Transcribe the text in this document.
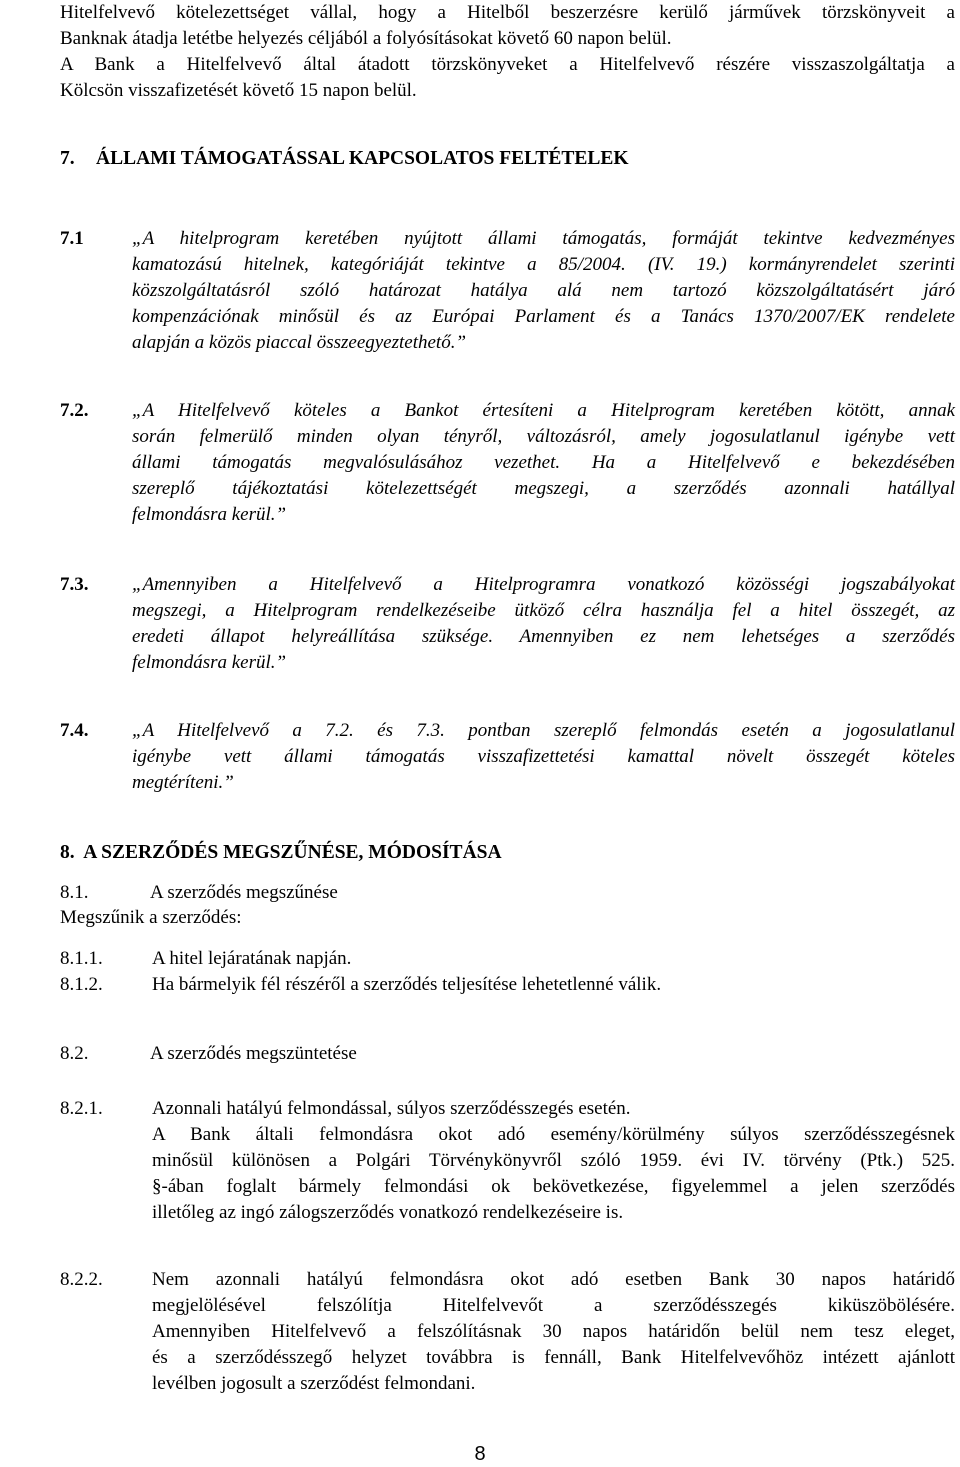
Hitelfelvevő kötelezettséget vállal, hogy a Hitelből beszerzésre kerülő járművek törzskönyveit a
Banknak átadja letétbe helyezés céljából a folyósításokat követő 60 napon belül.
A Bank a Hitelfelvevő által átadott törzskönyveket a Hitelfelvevő részére visszaszolgáltatja a
Kölcsön visszafizetését követő 15 napon belül.
7. ÁLLAMI TÁMOGATÁSSAL KAPCSOLATOS FELTÉTELEK
7.1	„A hitelprogram keretében nyújtott állami támogatás, formáját tekintve kedvezményes
kamatozású hitelnek, kategóriáját tekintve a 85/2004. (IV. 19.) kormányrendelet szerinti
közszolgáltatásról szóló határozat hatálya alá nem tartozó közszolgáltatásért járó
kompenzációnak minősül és az Európai Parlament és a Tanács 1370/2007/EK rendelete
alapján a közös piaccal összeegyeztethető.”
7.2. „A Hitelfelvevő köteles a Bankot értesíteni a Hitelprogram keretében kötött, annak
során felmerülő minden olyan tényről, változásról, amely jogosulatlanul igénybe vett
állami támogatás megvalósulásához vezethet. Ha a Hitelfelvevő e bekezdésében
szereplő tájékoztatási kötelezettségét megszegi, a szerződés azonnali hatállyal
felmondásra kerül.”
7.3. „Amennyiben a Hitelfelvevő a Hitelprogramra vonatkozó közösségi jogszabályokat
megszegi, a Hitelprogram rendelkezéseibe ütköző célra használja fel a hitel összegét, az
eredeti állapot helyreállítása szüksége. Amennyiben ez nem lehetséges a szerződés
felmondásra kerül.”
7.4. „A Hitelfelvevő a 7.2. és 7.3. pontban szereplő felmondás esetén a jogosulatlanul
igénybe vett állami támogatás visszafizettetési kamattal növelt összegét köteles
megtéríteni.”
8.  A SZERZŐDÉS MEGSZŰNÉSE, MÓDOSÍTÁSA
8.1.	A szerződés megszűnése
Megszűnik a szerződés:
8.1.1.	A hitel lejáratának napján.
8.1.2.	Ha bármelyik fél részéről a szerződés teljesítése lehetetlenné válik.
8.2.	A szerződés megszüntetése
8.2.1.	Azonnali hatályú felmondással, súlyos szerződésszegés esetén.
A Bank általi felmondásra okot adó esemény/körülmény súlyos szerződésszegésnek
minősül különösen a Polgári Törvénykönyvről szóló 1959. évi IV. törvény (Ptk.) 525.
§-ában foglalt bármely felmondási ok bekövetkezése, figyelemmel a jelen szerződés
illetőleg az ingó zálogszerződés vonatkozó rendelkezéseire is.
8.2.2.	Nem azonnali hatályú felmondásra okot adó esetben Bank 30 napos határidő
megjelölésével felszólítja Hitelfelvevőt a szerződésszegés kiküszöbölésére.
Amennyiben Hitelfelvevő a felszólításnak 30 napos határidőn belül nem tesz eleget,
és a szerződésszegő helyzet továbbra is fennáll, Bank Hitelfelvevőhöz intézett ajánlott
levélben jogosult a szerződést felmondani.
8
